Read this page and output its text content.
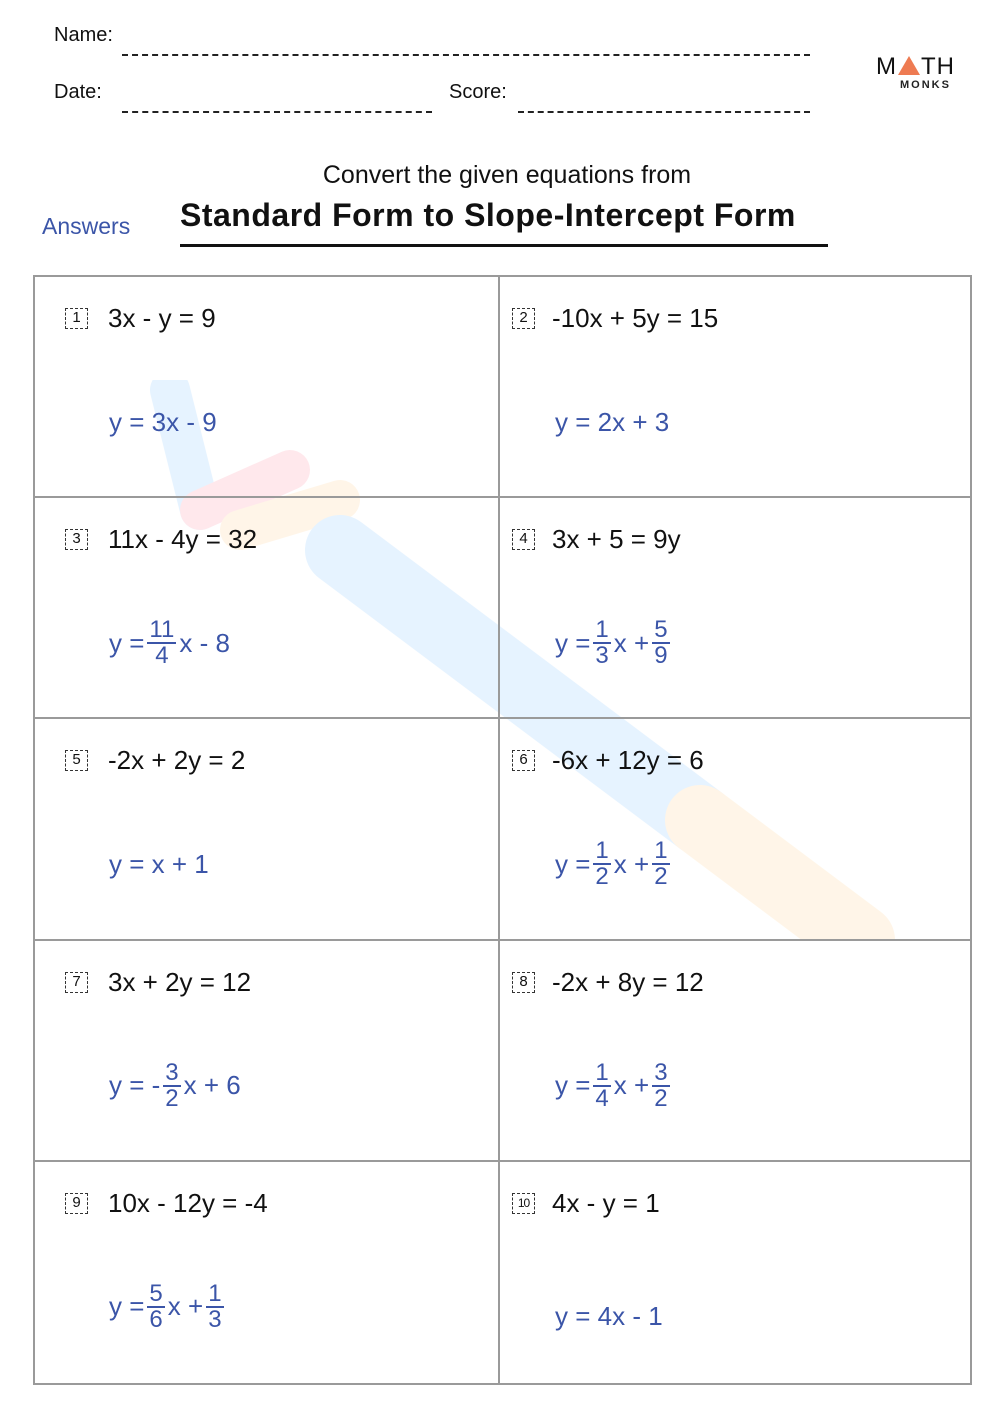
Name:
Date:	Score:
M TH
MONKS
Convert the given equations from
Answers Standard Form to Slope-Intercept Form
1 3x - y = 9
y = 3x - 9
2 -10x + 5y = 15
y = 2x + 3
3 11x - 4y = 32
$y = \frac{11}{4}$ x - 8
4 3x + 5 = 9y
$y = \frac{1}{3}$ $x + \frac{5}{9}$
5 -2x + 2y = 2
y = x + 1
6 -6x + 12y = 6
$y = \frac{1}{2}$ $x + \frac{1}{2}$
7 3x + 2y = 12
y = - $\frac{3}{2}$ x + 6
8 -2x + 8y = 12
$y = \frac{1}{4}$ $x + \frac{3}{2}$
9 10x - 12y = -4
$y = \frac{5}{6}$ $x + \frac{1}{3}$
10 4x - y = 1
y = 4x - 1
